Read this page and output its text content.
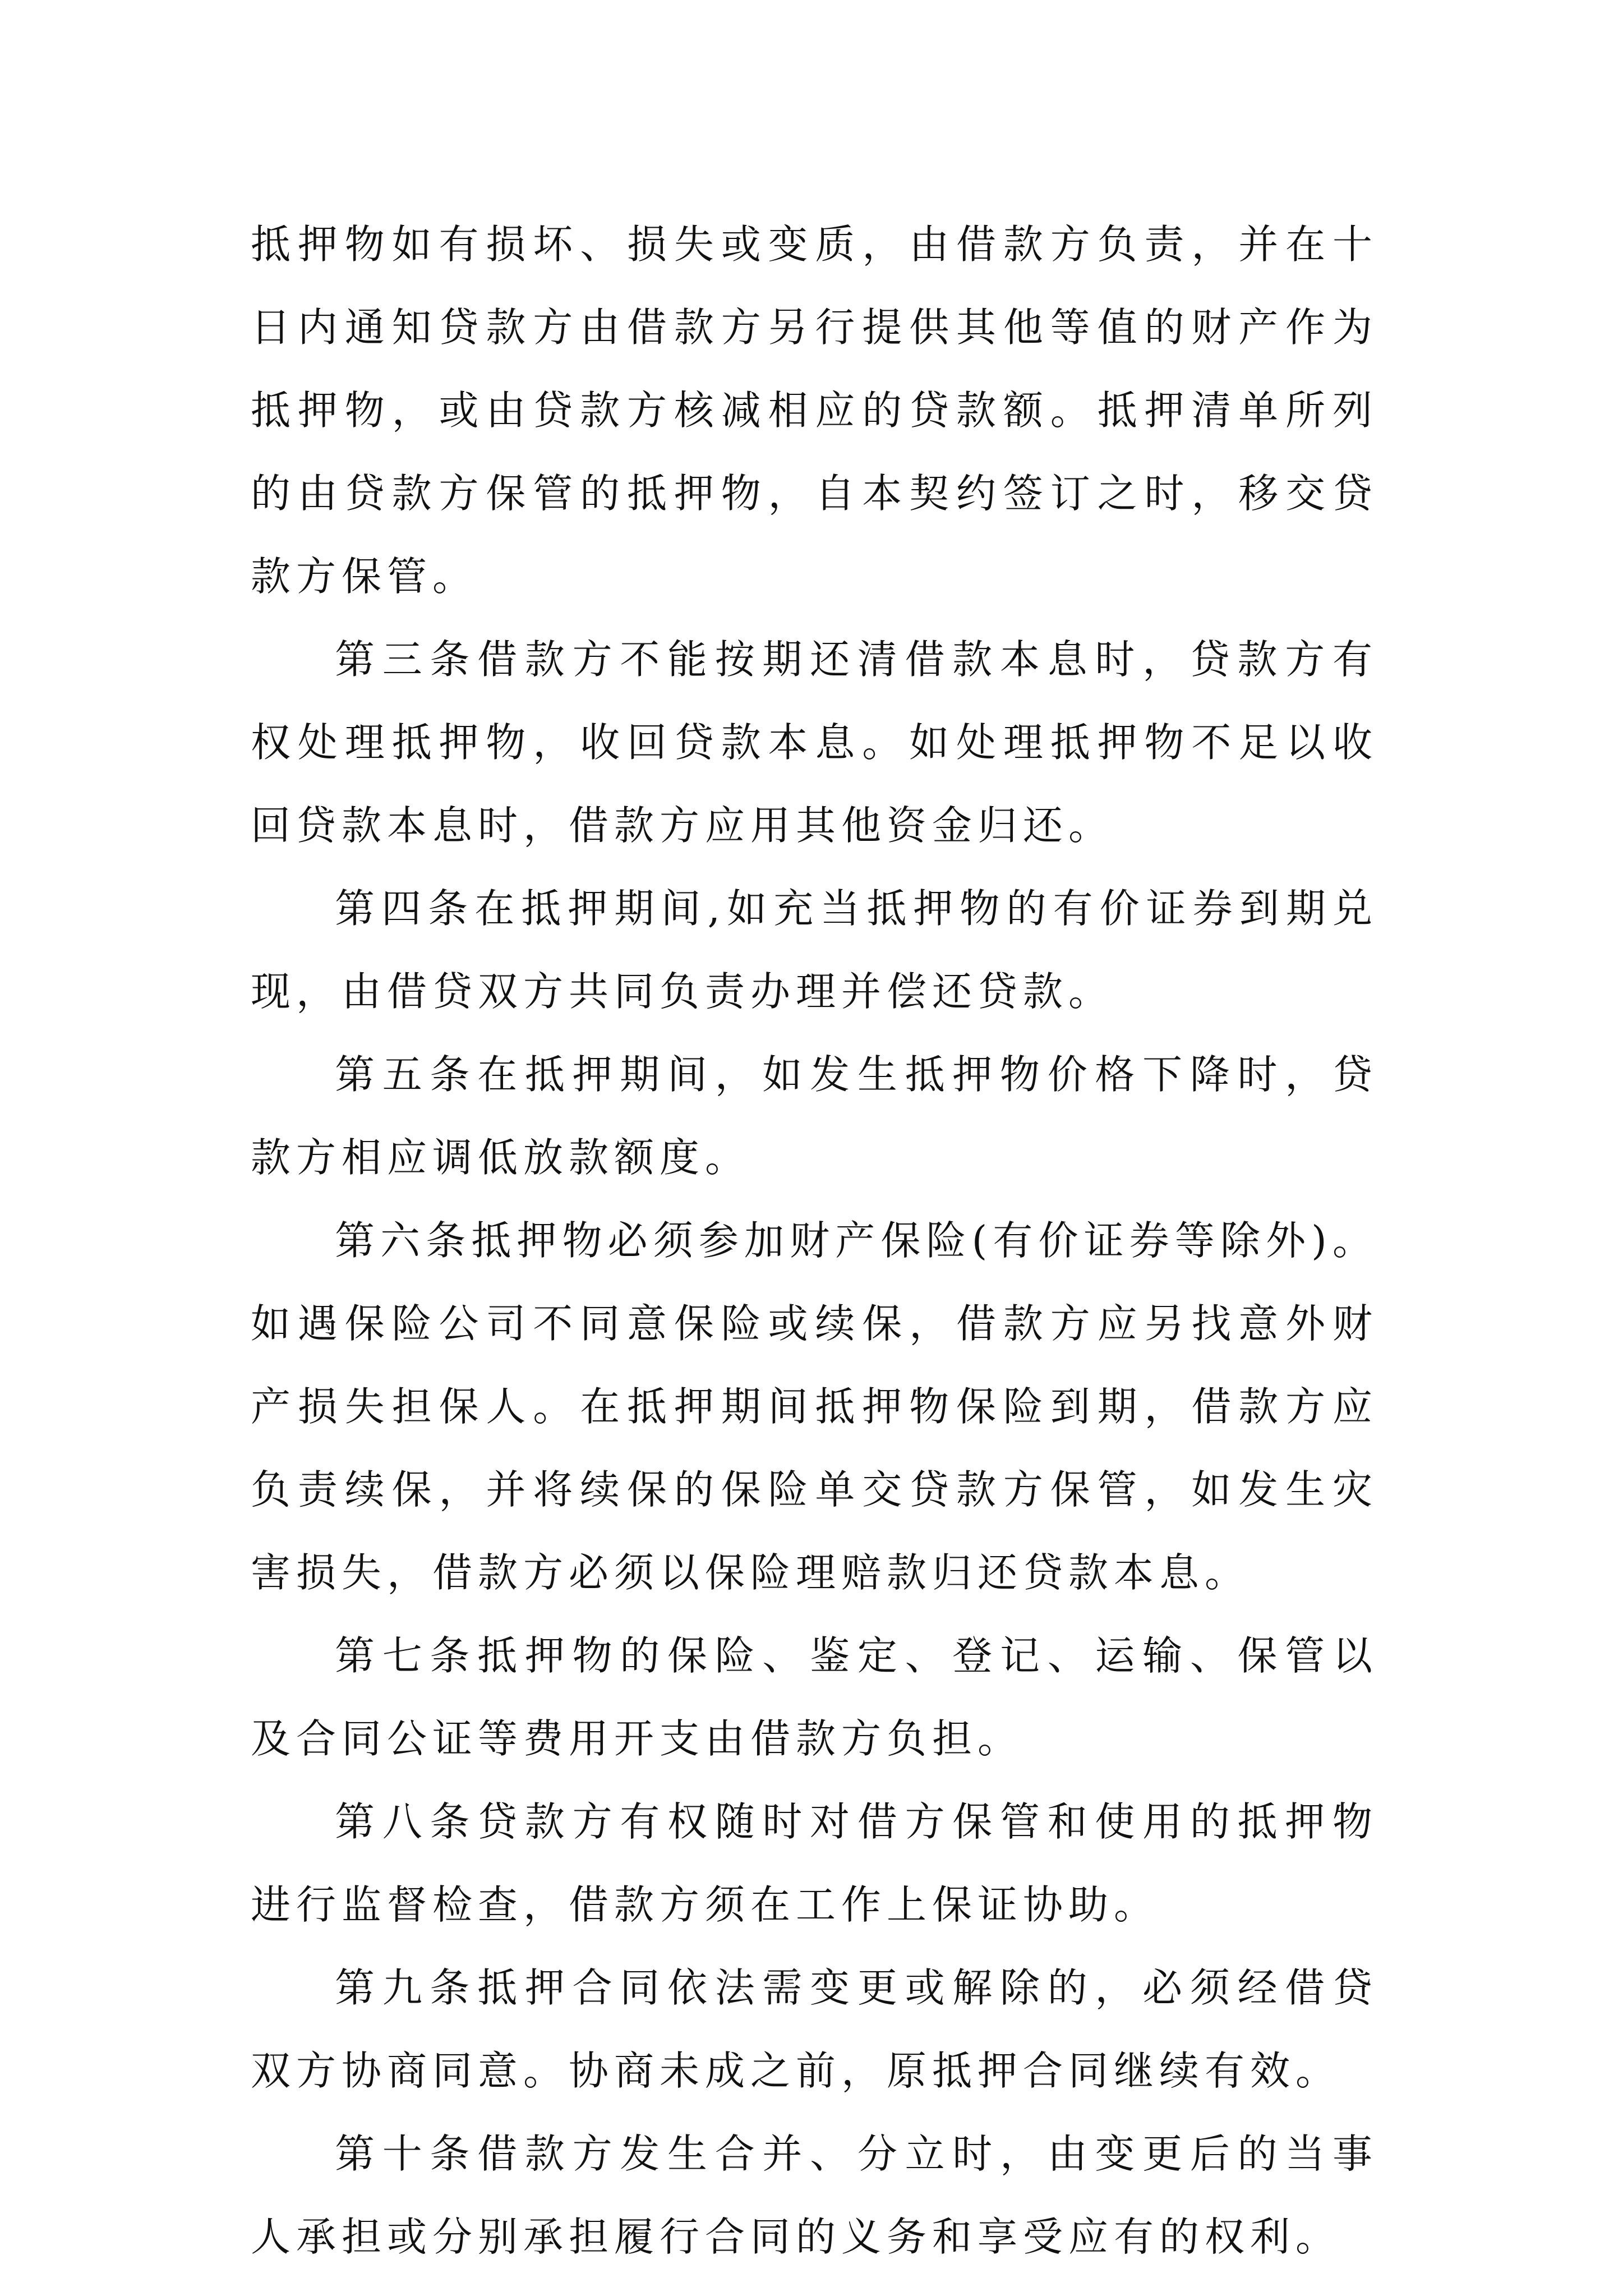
抵押物如有损坏、损失或变质，由借款方负责，并在十日内通知贷款方由借款方另行提供其他等值的财产作为抵押物，或由贷款方核减相应的贷款额。抵押清单所列的由贷款方保管的抵押物，自本契约签订之时，移交贷款方保管。

第三条借款方不能按期还清借款本息时，贷款方有权处理抵押物，收回贷款本息。如处理抵押物不足以收回贷款本息时，借款方应用其他资金归还。

第四条在抵押期间,如充当抵押物的有价证券到期兑现，由借贷双方共同负责办理并偿还贷款。

第五条在抵押期间，如发生抵押物价格下降时，贷款方相应调低放款额度。

第六条抵押物必须参加财产保险(有价证券等除外)。如遇保险公司不同意保险或续保，借款方应另找意外财产损失担保人。在抵押期间抵押物保险到期，借款方应负责续保，并将续保的保险单交贷款方保管，如发生灾害损失，借款方必须以保险理赔款归还贷款本息。

第七条抵押物的保险、鉴定、登记、运输、保管以及合同公证等费用开支由借款方负担。

第八条贷款方有权随时对借方保管和使用的抵押物进行监督检查，借款方须在工作上保证协助。

第九条抵押合同依法需变更或解除的，必须经借贷双方协商同意。协商未成之前，原抵押合同继续有效。

第十条借款方发生合并、分立时，由变更后的当事人承担或分别承担履行合同的义务和享受应有的权利。
